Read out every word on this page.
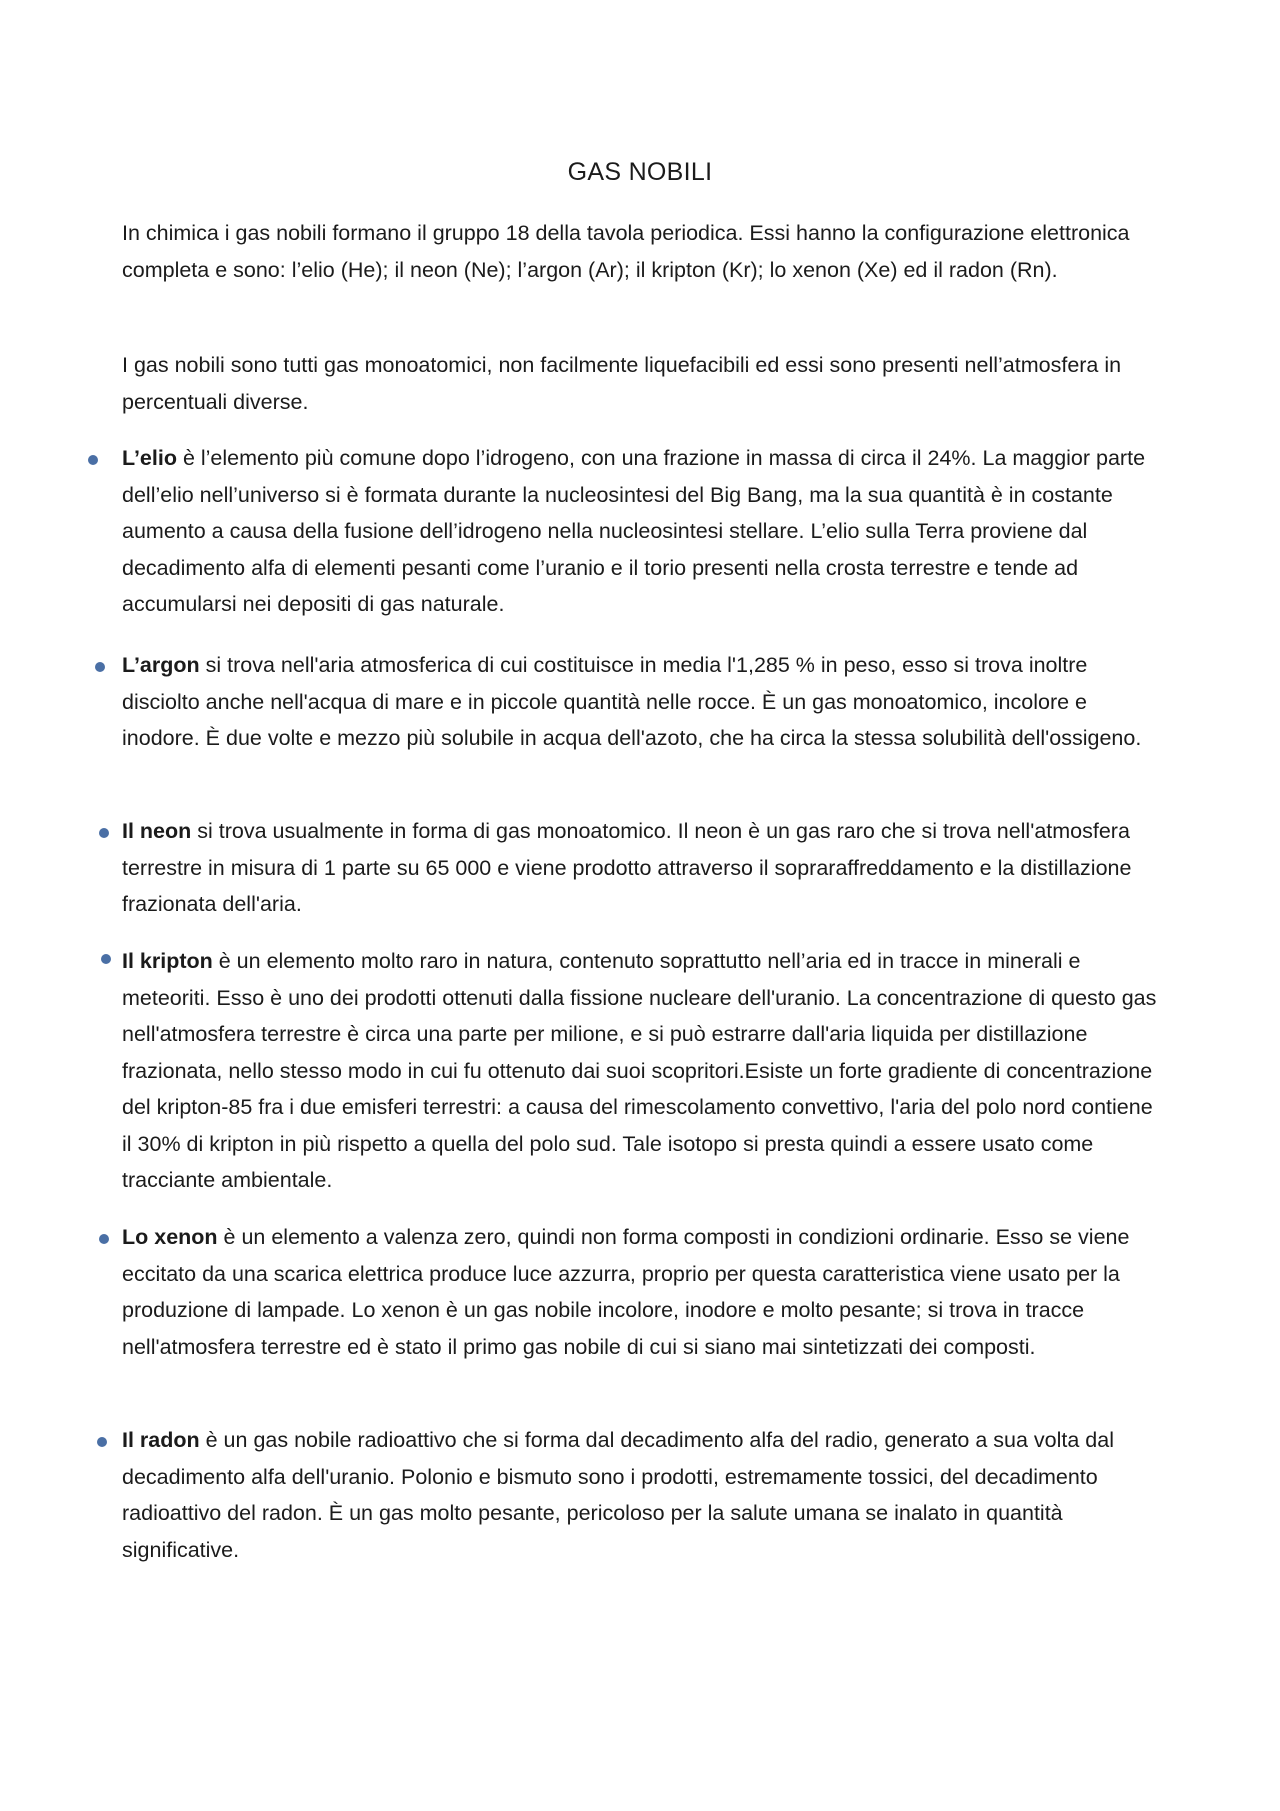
GAS NOBILI

In chimica i gas nobili formano il gruppo 18 della tavola periodica. Essi hanno la configurazione elettronica completa e sono: l’elio (He); il neon (Ne); l’argon (Ar); il kripton (Kr); lo xenon (Xe) ed il radon (Rn).

I gas nobili sono tutti gas monoatomici, non facilmente liquefacibili ed essi sono presenti nell’atmosfera in percentuali diverse.

L’elio è l’elemento più comune dopo l’idrogeno, con una frazione in massa di circa il 24%. La maggior parte dell’elio nell’universo si è formata durante la nucleosintesi del Big Bang, ma la sua quantità è in costante aumento a causa della fusione dell’idrogeno nella nucleosintesi stellare. L’elio sulla Terra proviene dal decadimento alfa di elementi pesanti come l’uranio e il torio presenti nella crosta terrestre e tende ad accumularsi nei depositi di gas naturale.

L’argon si trova nell'aria atmosferica di cui costituisce in media l'1,285 % in peso, esso si trova inoltre disciolto anche nell'acqua di mare e in piccole quantità nelle rocce. È un gas monoatomico, incolore e inodore. È due volte e mezzo più solubile in acqua dell'azoto, che ha circa la stessa solubilità dell'ossigeno.

Il neon si trova usualmente in forma di gas monoatomico. Il neon è un gas raro che si trova nell'atmosfera terrestre in misura di 1 parte su 65 000 e viene prodotto attraverso il sopraraffreddamento e la distillazione frazionata dell'aria.

Il kripton è un elemento molto raro in natura, contenuto soprattutto nell’aria ed in tracce in minerali e meteoriti. Esso è uno dei prodotti ottenuti dalla fissione nucleare dell'uranio. La concentrazione di questo gas nell'atmosfera terrestre è circa una parte per milione, e si può estrarre dall'aria liquida per distillazione frazionata, nello stesso modo in cui fu ottenuto dai suoi scopritori.Esiste un forte gradiente di concentrazione del kripton-85 fra i due emisferi terrestri: a causa del rimescolamento convettivo, l'aria del polo nord contiene il 30% di kripton in più rispetto a quella del polo sud. Tale isotopo si presta quindi a essere usato come tracciante ambientale.

Lo xenon è un elemento a valenza zero, quindi non forma composti in condizioni ordinarie. Esso se viene eccitato da una scarica elettrica produce luce azzurra, proprio per questa caratteristica viene usato per la produzione di lampade. Lo xenon è un gas nobile incolore, inodore e molto pesante; si trova in tracce nell'atmosfera terrestre ed è stato il primo gas nobile di cui si siano mai sintetizzati dei composti.

Il radon è un gas nobile radioattivo che si forma dal decadimento alfa del radio, generato a sua volta dal decadimento alfa dell'uranio. Polonio e bismuto sono i prodotti, estremamente tossici, del decadimento radioattivo del radon. È un gas molto pesante, pericoloso per la salute umana se inalato in quantità significative.
